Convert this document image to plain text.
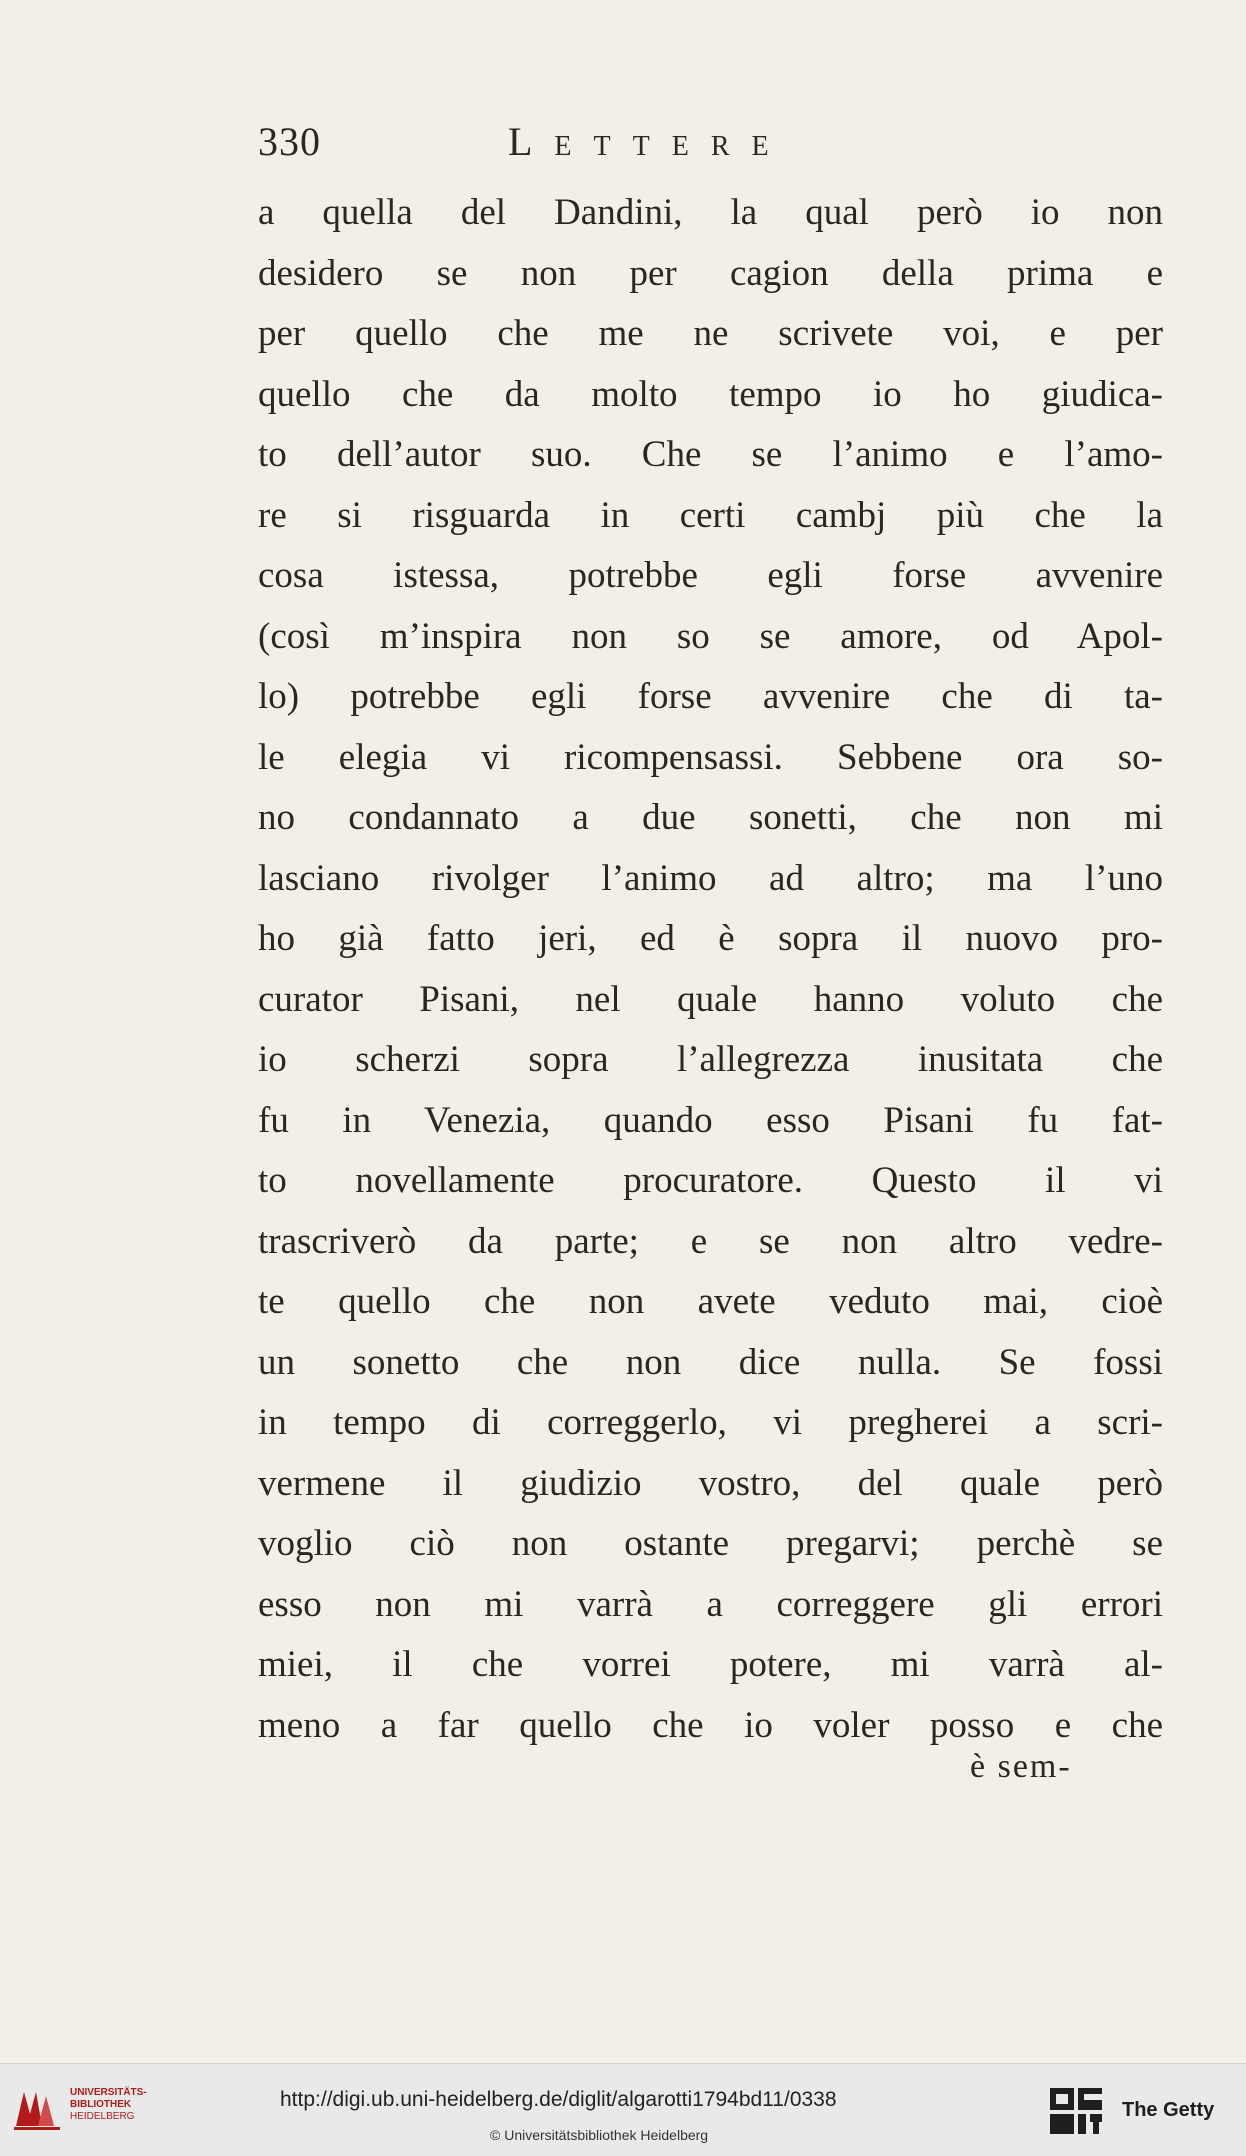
330	Lettere
a quella del Dandini, la qual però io non
desidero se non per cagion della prima e
per quello che me ne scrivete voi, e per
quello che da molto tempo io ho giudica-
to dell’autor suo. Che se l’animo e l’amo-
re si risguarda in certi cambj più che la
cosa istessa, potrebbe egli forse avvenire
(così m’inspira non so se amore, od Apol-
lo) potrebbe egli forse avvenire che di ta-
le elegia vi ricompensassi. Sebbene ora so-
no condannato a due sonetti, che non mi
lasciano rivolger l’animo ad altro; ma l’uno
ho già fatto jeri, ed è sopra il nuovo pro-
curator Pisani, nel quale hanno voluto che
io scherzi sopra l’allegrezza inusitata che
fu in Venezia, quando esso Pisani fu fat-
to novellamente procuratore. Questo il vi
trascriverò da parte; e se non altro vedre-
te quello che non avete veduto mai, cioè
un sonetto che non dice nulla. Se fossi
in tempo di correggerlo, vi pregherei a scri-
vermene il giudizio vostro, del quale però
voglio ciò non ostante pregarvi; perchè se
esso non mi varrà a correggere gli errori
miei, il che vorrei potere, mi varrà al-
meno a far quello che io voler posso e che
è sem-
UNIVERSITÄTS-
BIBLIOTHEK
HEIDELBERG
http://digi.ub.uni-heidelberg.de/diglit/algarotti1794bd11/0338
© Universitätsbibliothek Heidelberg
The Getty
